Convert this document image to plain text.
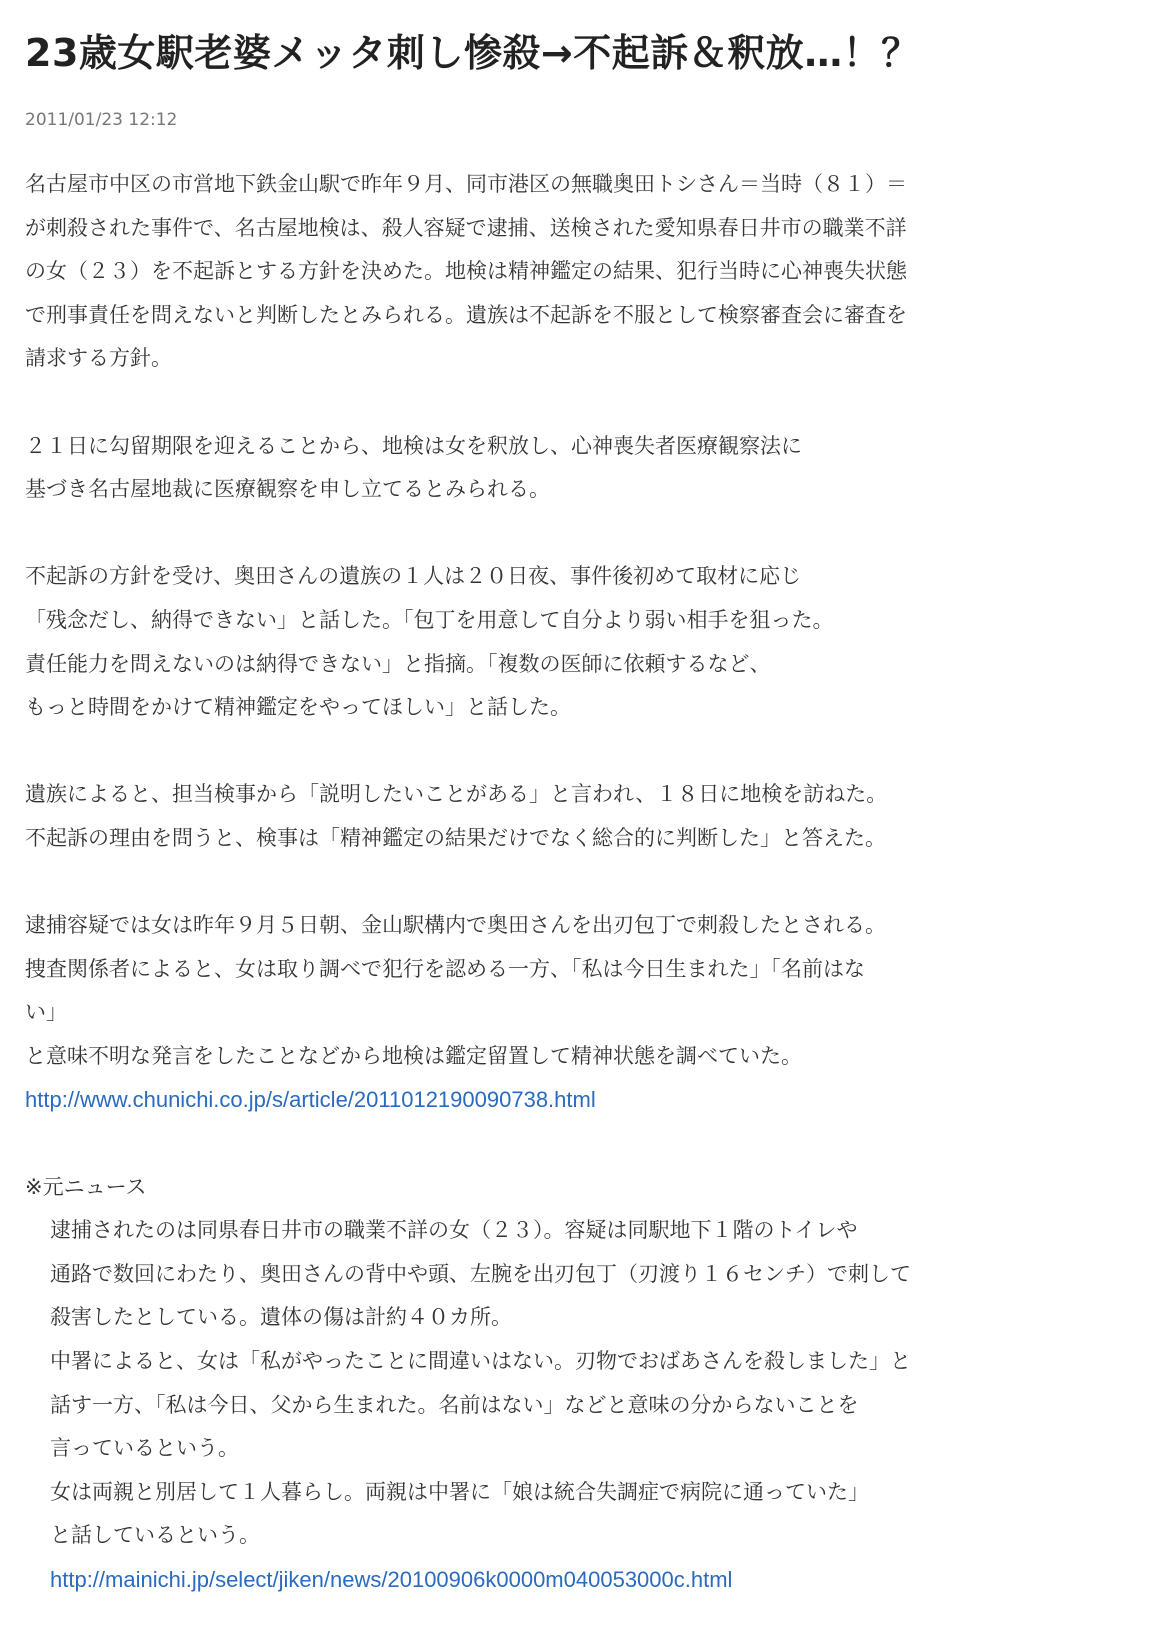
23歳女駅老婆メッタ刺し惨殺→不起訴＆釈放…！？
2011/01/23 12:12
名古屋市中区の市営地下鉄金山駅で昨年９月、同市港区の無職奥田トシさん＝当時（８１）＝
が刺殺された事件で、名古屋地検は、殺人容疑で逮捕、送検された愛知県春日井市の職業不詳
の女（２３）を不起訴とする方針を決めた。地検は精神鑑定の結果、犯行当時に心神喪失状態
で刑事責任を問えないと判断したとみられる。遺族は不起訴を不服として検察審査会に審査を
請求する方針。
２１日に勾留期限を迎えることから、地検は女を釈放し、心神喪失者医療観察法に
基づき名古屋地裁に医療観察を申し立てるとみられる。
不起訴の方針を受け、奥田さんの遺族の１人は２０日夜、事件後初めて取材に応じ
「残念だし、納得できない」と話した。「包丁を用意して自分より弱い相手を狙った。
責任能力を問えないのは納得できない」と指摘。「複数の医師に依頼するなど、
もっと時間をかけて精神鑑定をやってほしい」と話した。
遺族によると、担当検事から「説明したいことがある」と言われ、１８日に地検を訪ねた。
不起訴の理由を問うと、検事は「精神鑑定の結果だけでなく総合的に判断した」と答えた。
逮捕容疑では女は昨年９月５日朝、金山駅構内で奥田さんを出刃包丁で刺殺したとされる。
捜査関係者によると、女は取り調べで犯行を認める一方、「私は今日生まれた」「名前はな
い」
と意味不明な発言をしたことなどから地検は鑑定留置して精神状態を調べていた。
http://www.chunichi.co.jp/s/article/2011012190090738.html
※元ニュース
逮捕されたのは同県春日井市の職業不詳の女（２３）。容疑は同駅地下１階のトイレや
通路で数回にわたり、奥田さんの背中や頭、左腕を出刃包丁（刃渡り１６センチ）で刺して
殺害したとしている。遺体の傷は計約４０カ所。
中署によると、女は「私がやったことに間違いはない。刃物でおばあさんを殺しました」と
話す一方、「私は今日、父から生まれた。名前はない」などと意味の分からないことを
言っているという。
女は両親と別居して１人暮らし。両親は中署に「娘は統合失調症で病院に通っていた」
と話しているという。
http://mainichi.jp/select/jiken/news/20100906k0000m040053000c.html
